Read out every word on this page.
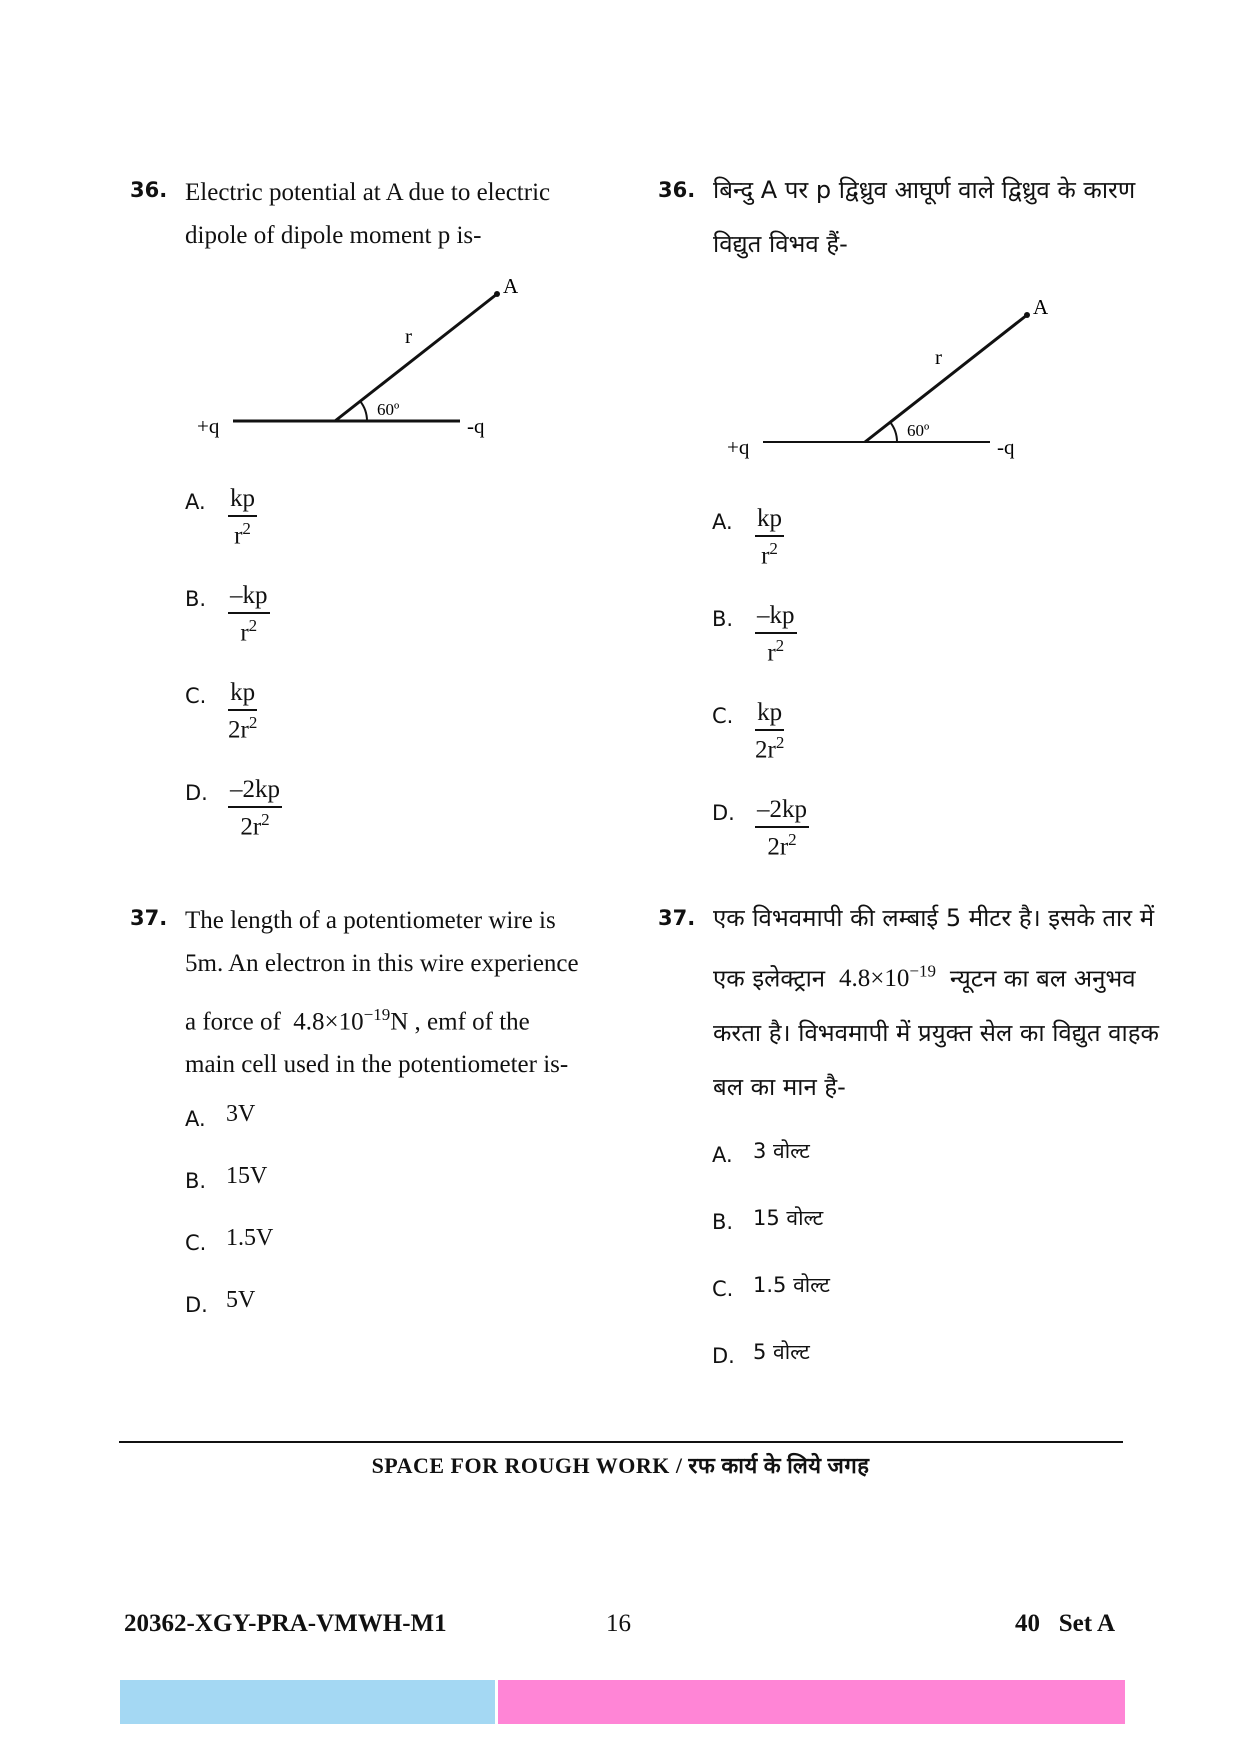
36. Electric potential at A due to electric
dipole of dipole moment p is-
A
r
60º
+q	-q
A. kp
$r^2$
B. –kp
$r^2$
C. kp
$2r^2$
D. –2kp
$2r^2$
36. बिन्दु A पर p द्विध्रुव आघूर्ण वाले द्विध्रुव के कारण
विद्युत विभव हैं-
A
r
60º
+q	-q
A. kp
$r^2$
B. –kp
$r^2$
C. kp
$2r^2$
D. –2kp
$2r^2$
37. The length of a potentiometer wire is
5m. An electron in this wire experience
a force of $4.8\times 10^{-19}N$ , emf of the
main cell used in the potentiometer is-
A. 3V
B. 15V
C. 1.5V
D. 5V
37. एक विभवमापी की लम्बाई 5 मीटर है। इसके तार में
एक इलेक्ट्रान $4.8\times 10^{-19}$ न्यूटन का बल अनुभव
करता है। विभवमापी में प्रयुक्त सेल का विद्युत वाहक
बल का मान है-
A. 3 वोल्ट
B. 15 वोल्ट
C. 1.5 वोल्ट
D. 5 वोल्ट
SPACE FOR ROUGH WORK / रफ कार्य के लिये जगह
20362-XGY-PRA-VMWH-M1	16	40   Set A
